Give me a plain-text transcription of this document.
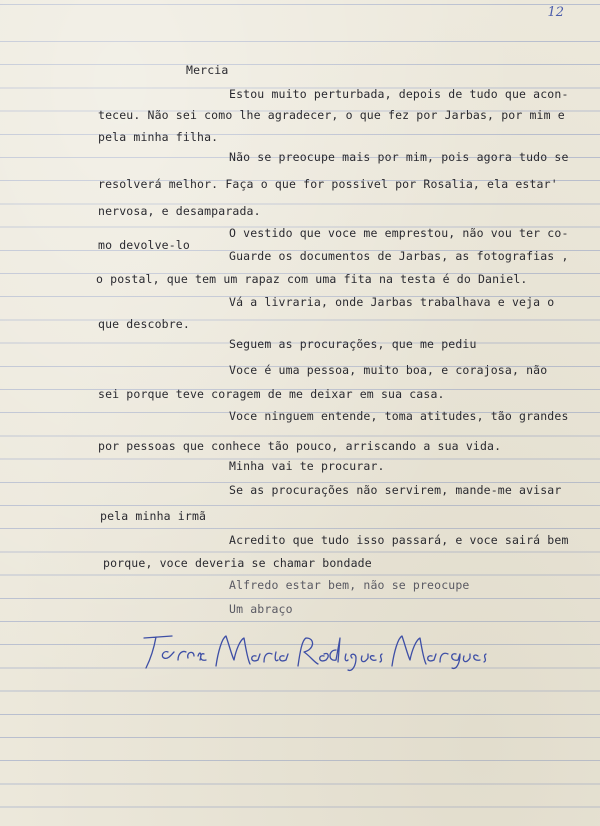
12
Mercia
Estou muito perturbada, depois de tudo que acon-
teceu. Não sei como lhe agradecer, o que fez por Jarbas, por mim e
pela minha filha.
Não se preocupe mais por mim, pois agora tudo se
resolverá melhor. Faça o que for possivel por Rosalia, ela estar'
nervosa, e desamparada.
O vestido que voce me emprestou, não vou ter co-
mo devolve-lo
Guarde os documentos de Jarbas, as fotografias ,
o postal, que tem um rapaz com uma fita na testa é do Daniel.
Vá a livraria, onde Jarbas trabalhava e veja o
que descobre.
Seguem as procurações, que me pediu
Voce é uma pessoa, muito boa, e corajosa, não
sei porque teve coragem de me deixar em sua casa.
Voce ninguem entende, toma atitudes, tão grandes
por pessoas que conhece tão pouco, arriscando a sua vida.
Minha vai te procurar.
Se as procurações não servirem, mande-me avisar
pela minha irmã
Acredito que tudo isso passará, e voce sairá bem
porque, voce deveria se chamar bondade
Alfredo estar bem, não se preocupe
Um abraço
